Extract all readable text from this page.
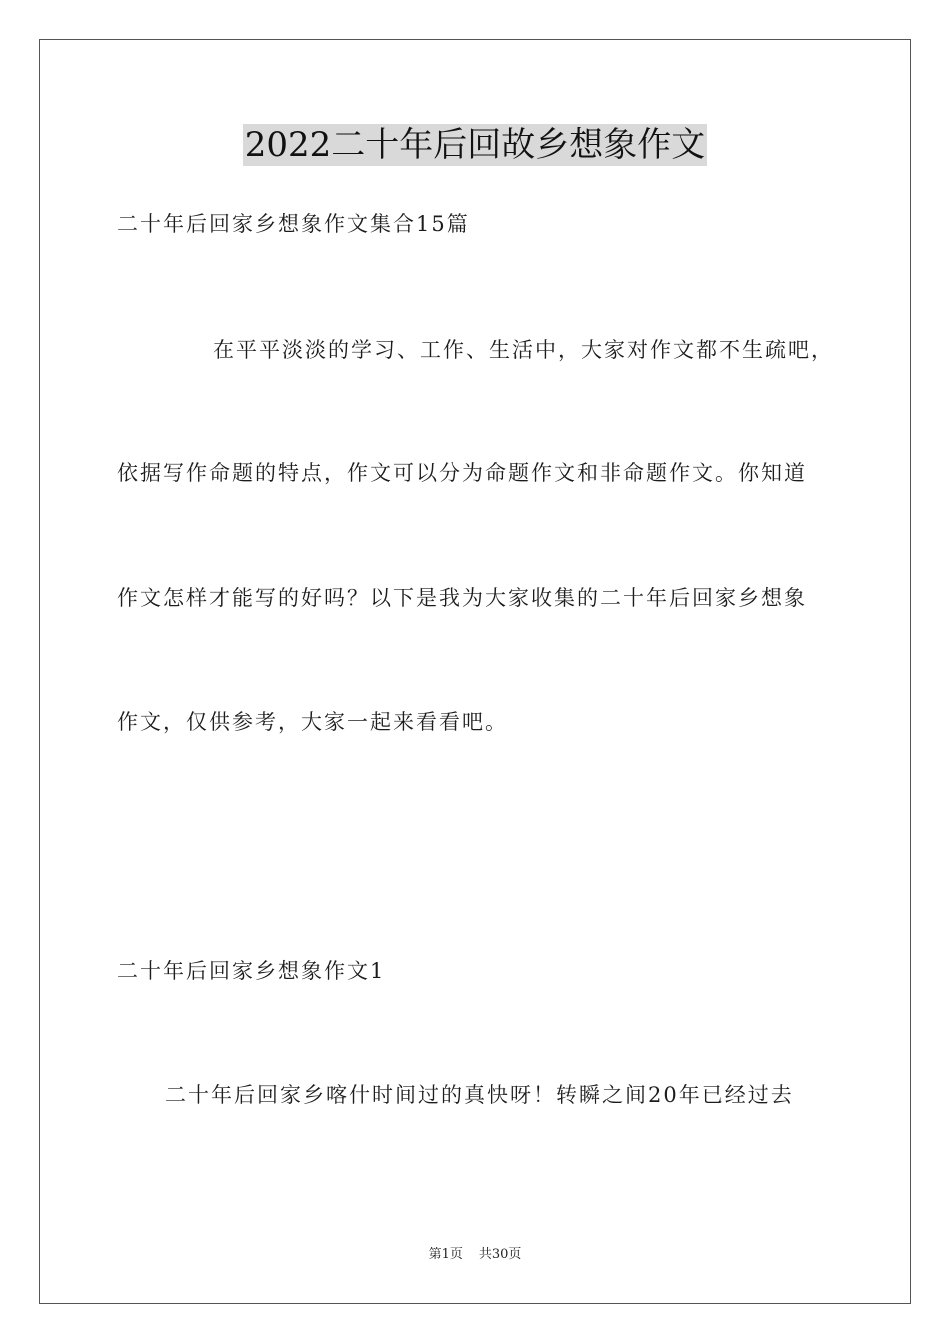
2022二十年后回故乡想象作文
二十年后回家乡想象作文集合15篇
在平平淡淡的学习、工作、生活中，大家对作文都不生疏吧，
依据写作命题的特点，作文可以分为命题作文和非命题作文。你知道
作文怎样才能写的好吗？以下是我为大家收集的二十年后回家乡想象
作文，仅供参考，大家一起来看看吧。
二十年后回家乡想象作文1
二十年后回家乡喀什时间过的真快呀！转瞬之间20年已经过去
第1页 共30页
